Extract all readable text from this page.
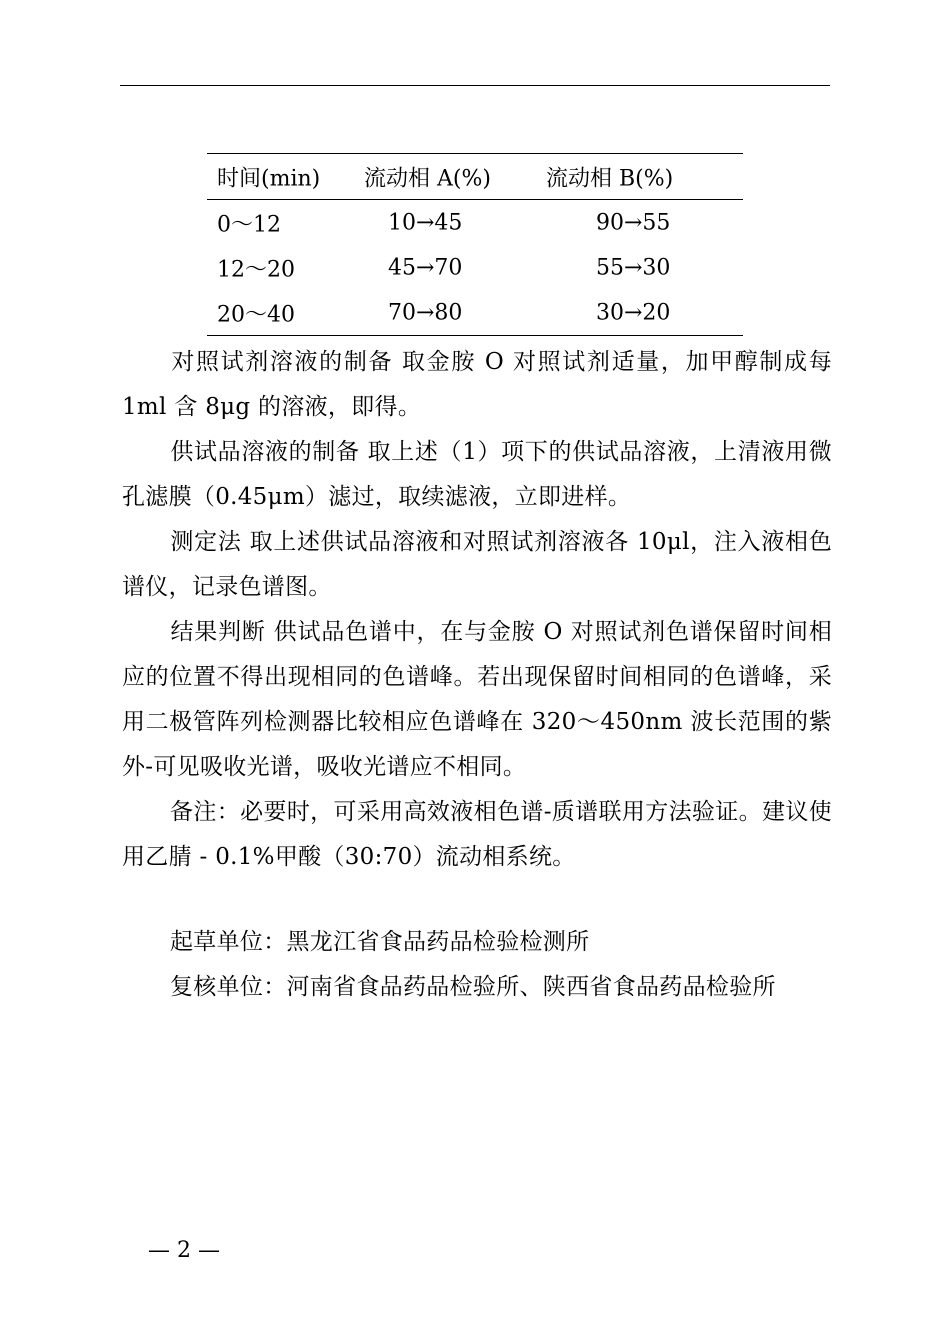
时间(min) 流动相 A(%)	流动相 B(%)
0～12	10→45	90→55
12～20	45→70	55→30
20～40	70→80	30→20
对照试剂溶液的制备 取金胺 O 对照试剂适量，加甲醇制成每 1ml 含 8μg 的溶液，即得。
供试品溶液的制备 取上述（1）项下的供试品溶液，上清液用微孔滤膜（0.45μm）滤过，取续滤液，立即进样。
测定法 取上述供试品溶液和对照试剂溶液各 10μl，注入液相色谱仪，记录色谱图。
结果判断 供试品色谱中，在与金胺 O 对照试剂色谱保留时间相应的位置不得出现相同的色谱峰。若出现保留时间相同的色谱峰，采用二极管阵列检测器比较相应色谱峰在 320～450nm 波长范围的紫外-可见吸收光谱，吸收光谱应不相同。
备注：必要时，可采用高效液相色谱-质谱联用方法验证。建议使用乙腈 - 0.1%甲酸（30:70）流动相系统。
起草单位：黑龙江省食品药品检验检测所
复核单位：河南省食品药品检验所、陕西省食品药品检验所
— 2 —
